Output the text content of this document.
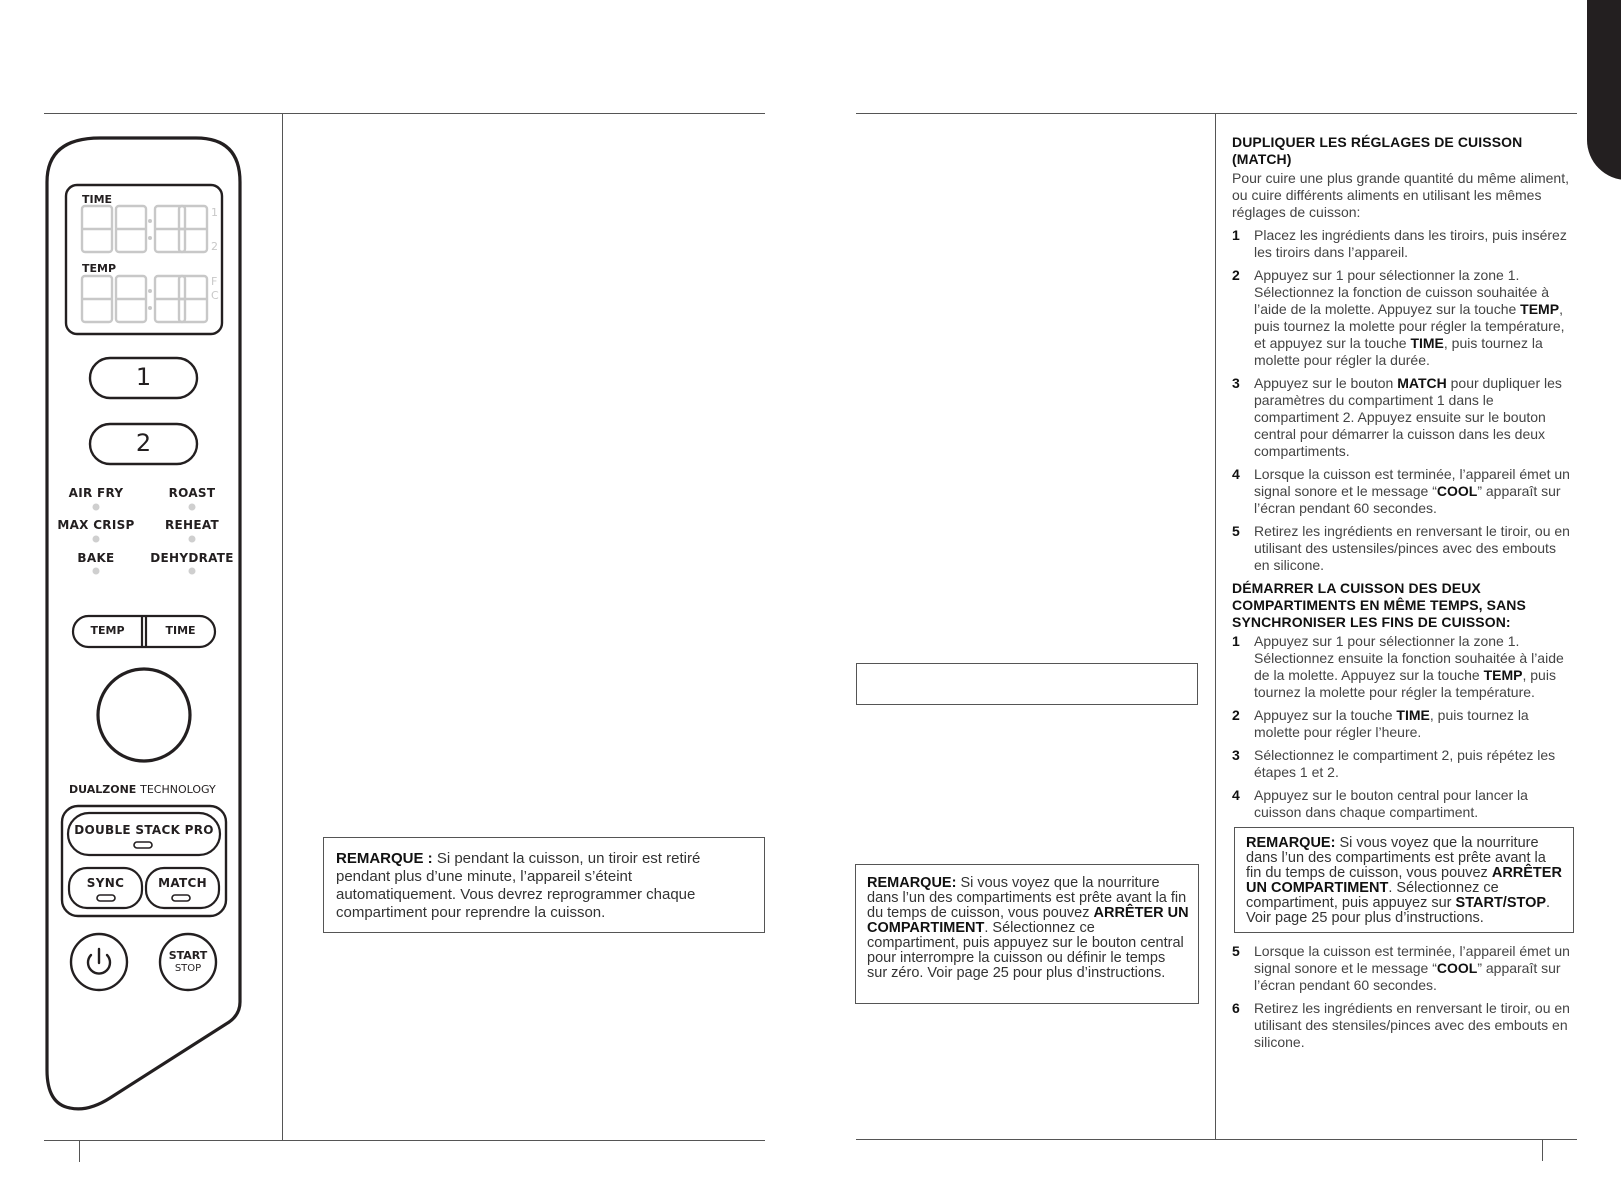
TIME
TEMP
1
2
F
C
1
2
AIR FRY	ROAST
MAX CRISP	REHEAT
BAKE	DEHYDRATE
TEMP	TIME
DUALZONE TECHNOLOGY
DOUBLE STACK PRO
SYNC	MATCH
START
STOP
REMARQUE : Si pendant la cuisson, un tiroir est retiré pendant plus d’une minute, l’appareil s’éteint automatiquement. Vous devrez reprogrammer chaque compartiment pour reprendre la cuisson.
REMARQUE: Si vous voyez que la nourriture dans l’un des compartiments est prête avant la fin du temps de cuisson, vous pouvez ARRÊTER UN COMPARTIMENT. Sélectionnez ce compartiment, puis appuyez sur le bouton central pour interrompre la cuisson ou définir le temps sur zéro. Voir page 25 pour plus d’instructions.
DUPLIQUER LES RÉGLAGES DE CUISSON (MATCH)

Pour cuire une plus grande quantité du même aliment, ou cuire différents aliments en utilisant les mêmes réglages de cuisson:

1 Placez les ingrédients dans les tiroirs, puis insérez les tiroirs dans l’appareil.
2 Appuyez sur 1 pour sélectionner la zone 1. Sélectionnez la fonction de cuisson souhaitée à l’aide de la molette. Appuyez sur la touche TEMP, puis tournez la molette pour régler la température, et appuyez sur la touche TIME, puis tournez la molette pour régler la durée.
3 Appuyez sur le bouton MATCH pour dupliquer les paramètres du compartiment 1 dans le compartiment 2. Appuyez ensuite sur le bouton central pour démarrer la cuisson dans les deux compartiments.
4 Lorsque la cuisson est terminée, l’appareil émet un signal sonore et le message “COOL” apparaît sur l’écran pendant 60 secondes.
5 Retirez les ingrédients en renversant le tiroir, ou en utilisant des ustensiles/pinces avec des embouts en silicone.
DÉMARRER LA CUISSON DES DEUX COMPARTIMENTS EN MÊME TEMPS, SANS SYNCHRONISER LES FINS DE CUISSON:
1 Appuyez sur 1 pour sélectionner la zone 1. Sélectionnez ensuite la fonction souhaitée à l’aide de la molette. Appuyez sur la touche TEMP, puis tournez la molette pour régler la température.
2 Appuyez sur la touche TIME, puis tournez la molette pour régler l’heure.
3 Sélectionnez le compartiment 2, puis répétez les étapes 1 et 2.
4 Appuyez sur le bouton central pour lancer la cuisson dans chaque compartiment.
REMARQUE: Si vous voyez que la nourriture dans l’un des compartiments est prête avant la fin du temps de cuisson, vous pouvez ARRÊTER UN COMPARTIMENT. Sélectionnez ce compartiment, puis appuyez sur START/STOP. Voir page 25 pour plus d’instructions.
5 Lorsque la cuisson est terminée, l’appareil émet un signal sonore et le message “COOL” apparaît sur l’écran pendant 60 secondes.
6 Retirez les ingrédients en renversant le tiroir, ou en utilisant des stensiles/pinces avec des embouts en silicone.
